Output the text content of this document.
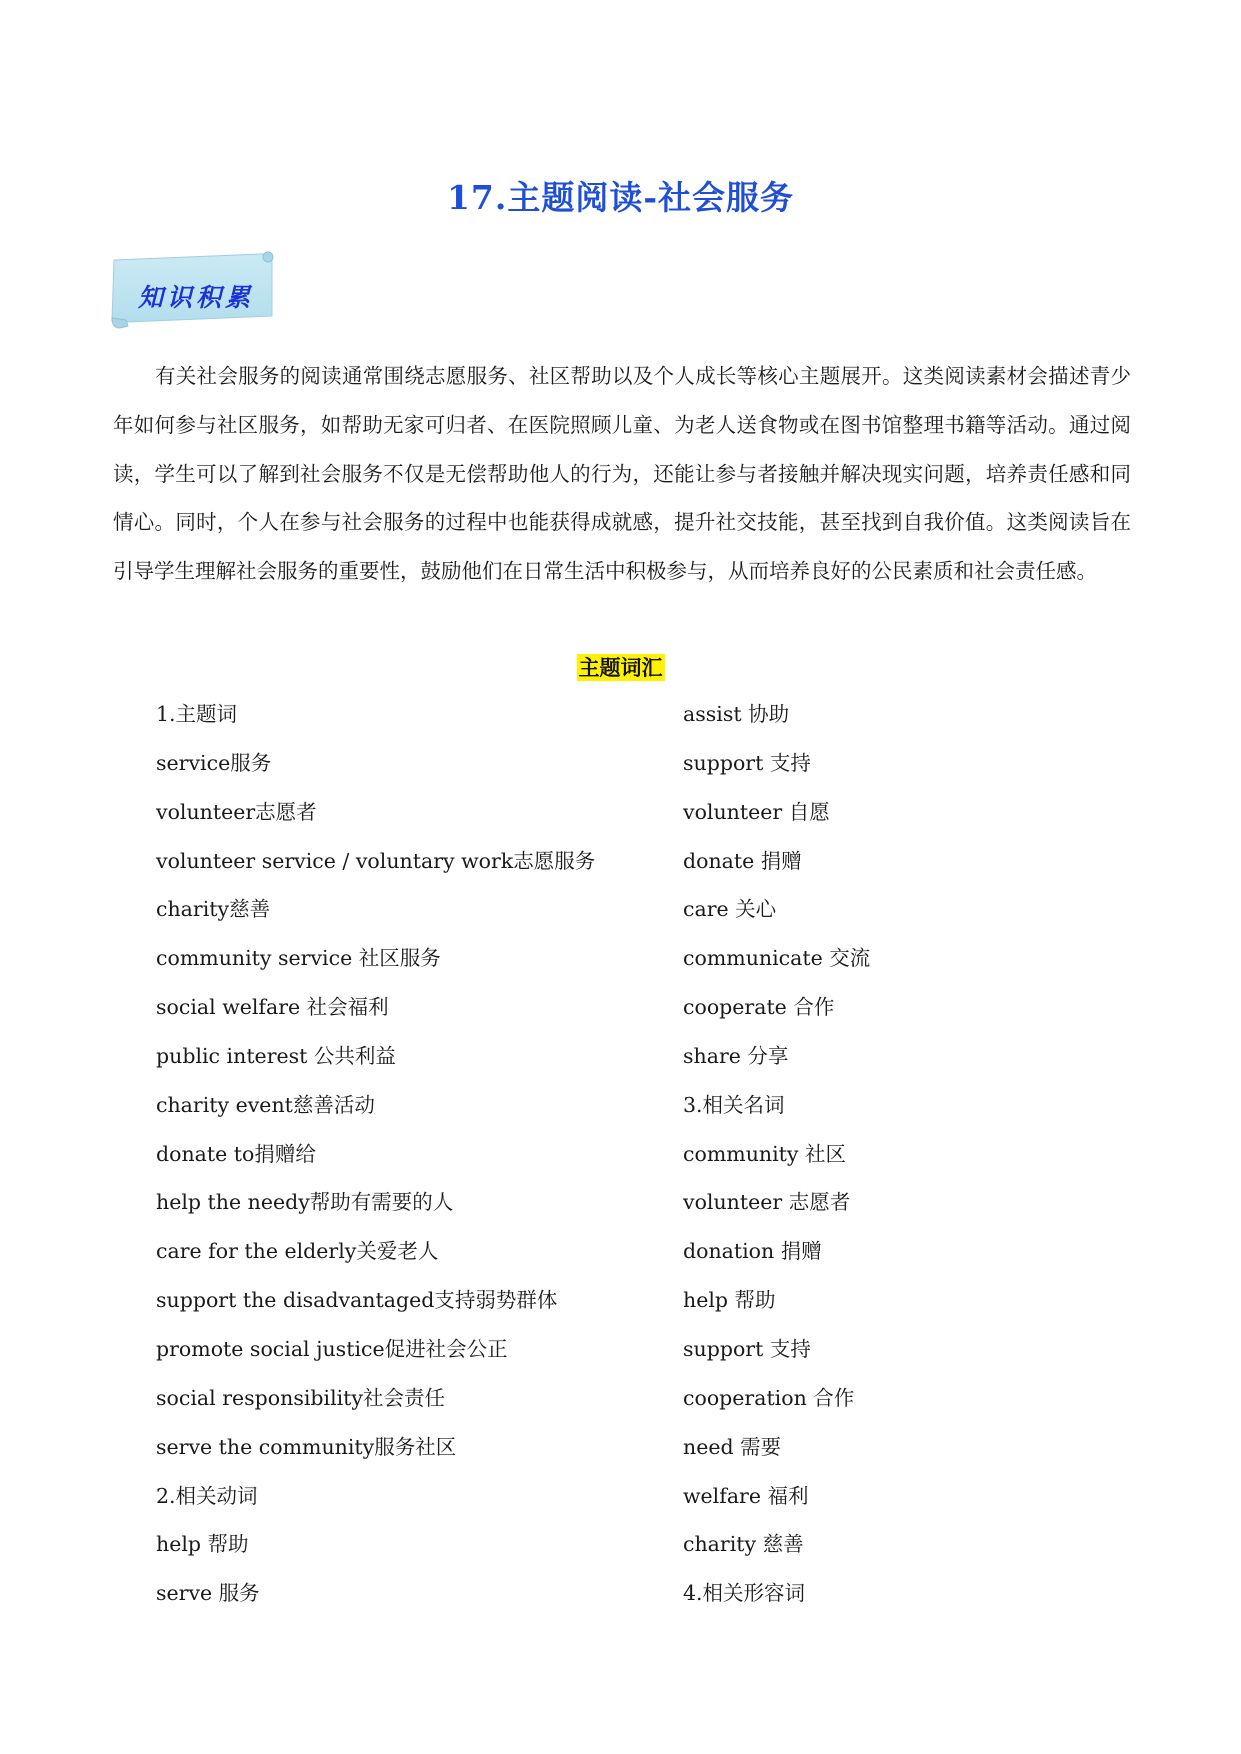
17.主题阅读-社会服务
知识积累
有关社会服务的阅读通常围绕志愿服务、社区帮助以及个人成长等核心主题展开。这类阅读素材会描述青少年如何参与社区服务，如帮助无家可归者、在医院照顾儿童、为老人送食物或在图书馆整理书籍等活动。通过阅读，学生可以了解到社会服务不仅是无偿帮助他人的行为，还能让参与者接触并解决现实问题，培养责任感和同情心。同时，个人在参与社会服务的过程中也能获得成就感，提升社交技能，甚至找到自我价值。这类阅读旨在引导学生理解社会服务的重要性，鼓励他们在日常生活中积极参与，从而培养良好的公民素质和社会责任感。
主题词汇
1.主题词
service服务
volunteer志愿者
volunteer service / voluntary work志愿服务
charity慈善
community service 社区服务
social welfare 社会福利
public interest 公共利益
charity event慈善活动
donate to捐赠给
help the needy帮助有需要的人
care for the elderly关爱老人
support the disadvantaged支持弱势群体
promote social justice促进社会公正
social responsibility社会责任
serve the community服务社区
2.相关动词
help 帮助
serve 服务
assist 协助
support 支持
volunteer 自愿
donate 捐赠
care 关心
communicate 交流
cooperate 合作
share 分享
3.相关名词
community 社区
volunteer 志愿者
donation 捐赠
help 帮助
support 支持
cooperation 合作
need 需要
welfare 福利
charity 慈善
4.相关形容词
